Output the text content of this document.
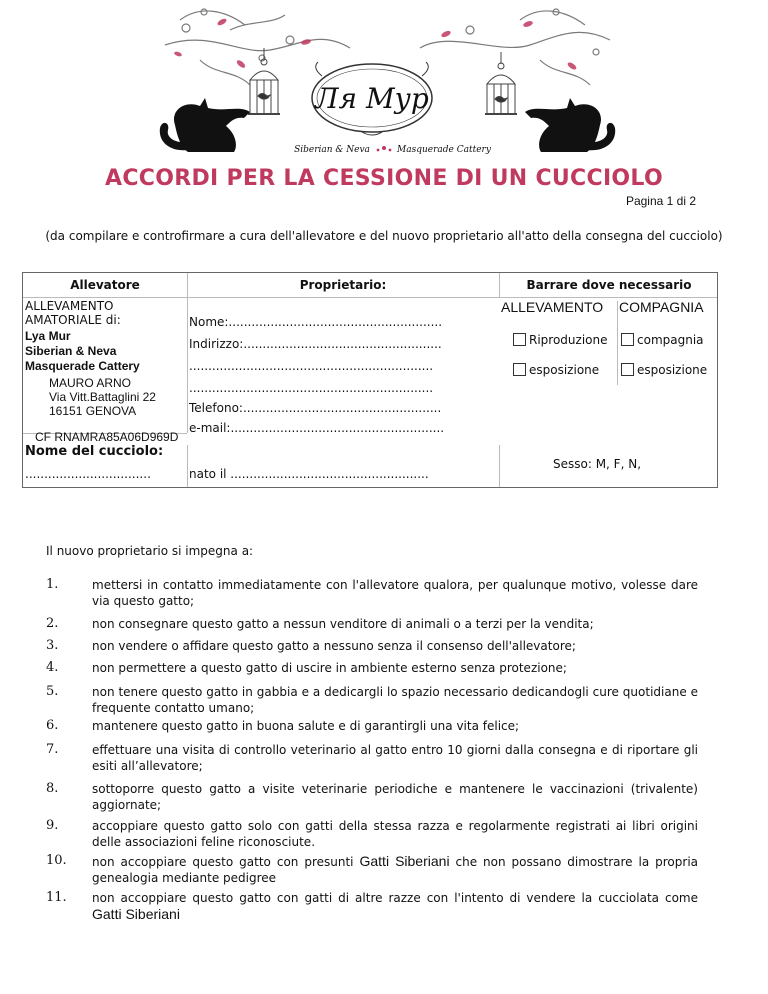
Ля Мур
Siberian & Neva	Masquerade Cattery
ACCORDI PER LA CESSIONE DI UN CUCCIOLO
Pagina 1 di 2
(da compilare e controfirmare a cura dell'allevatore e del nuovo proprietario all'atto della consegna del cucciolo)
Allevatore	Proprietario:	Barrare dove necessario
ALLEVAMENTO
AMATORIALE di:
Lya Mur
Siberian & Neva
Masquerade Cattery
MAURO ARNO
Via Vitt.Battaglini 22
16151 GENOVA
CF RNAMRA85A06D969D
Nome:........................................................
Indirizzo:....................................................
................................................................
................................................................
Telefono:....................................................
e-mail:........................................................
ALLEVAMENTO COMPAGNIA
Riproduzione	compagnia
esposizione	esposizione
Nome del cucciolo:
.................................	nato il ....................................................
Sesso: M, F, N,
Il nuovo proprietario si impegna a:
1.	mettersi in contatto immediatamente con l'allevatore qualora, per qualunque motivo, volesse dare via questo gatto;
2.	non consegnare questo gatto a nessun venditore di animali o a terzi per la vendita;
3.	non vendere o affidare questo gatto a nessuno senza il consenso dell'allevatore;
4.	non permettere a questo gatto di uscire in ambiente esterno senza protezione;
5.	non tenere questo gatto in gabbia e a dedicargli lo spazio necessario dedicandogli cure quotidiane e frequente contatto umano;
6.	mantenere questo gatto in buona salute e di garantirgli una vita felice;
7.	effettuare una visita di controllo veterinario al gatto entro 10 giorni dalla consegna e di riportare gli esiti all’allevatore;
8.	sottoporre questo gatto a visite veterinarie periodiche e mantenere le vaccinazioni (trivalente) aggiornate;
9.	accoppiare questo gatto solo con gatti della stessa razza e regolarmente registrati ai libri origini delle associazioni feline riconosciute.
10. non accoppiare questo gatto con presunti Gatti Siberiani che non possano dimostrare la propria genealogia mediante pedigree
11. non accoppiare questo gatto con gatti di altre razze con l'intento di vendere la cucciolata come Gatti Siberiani
